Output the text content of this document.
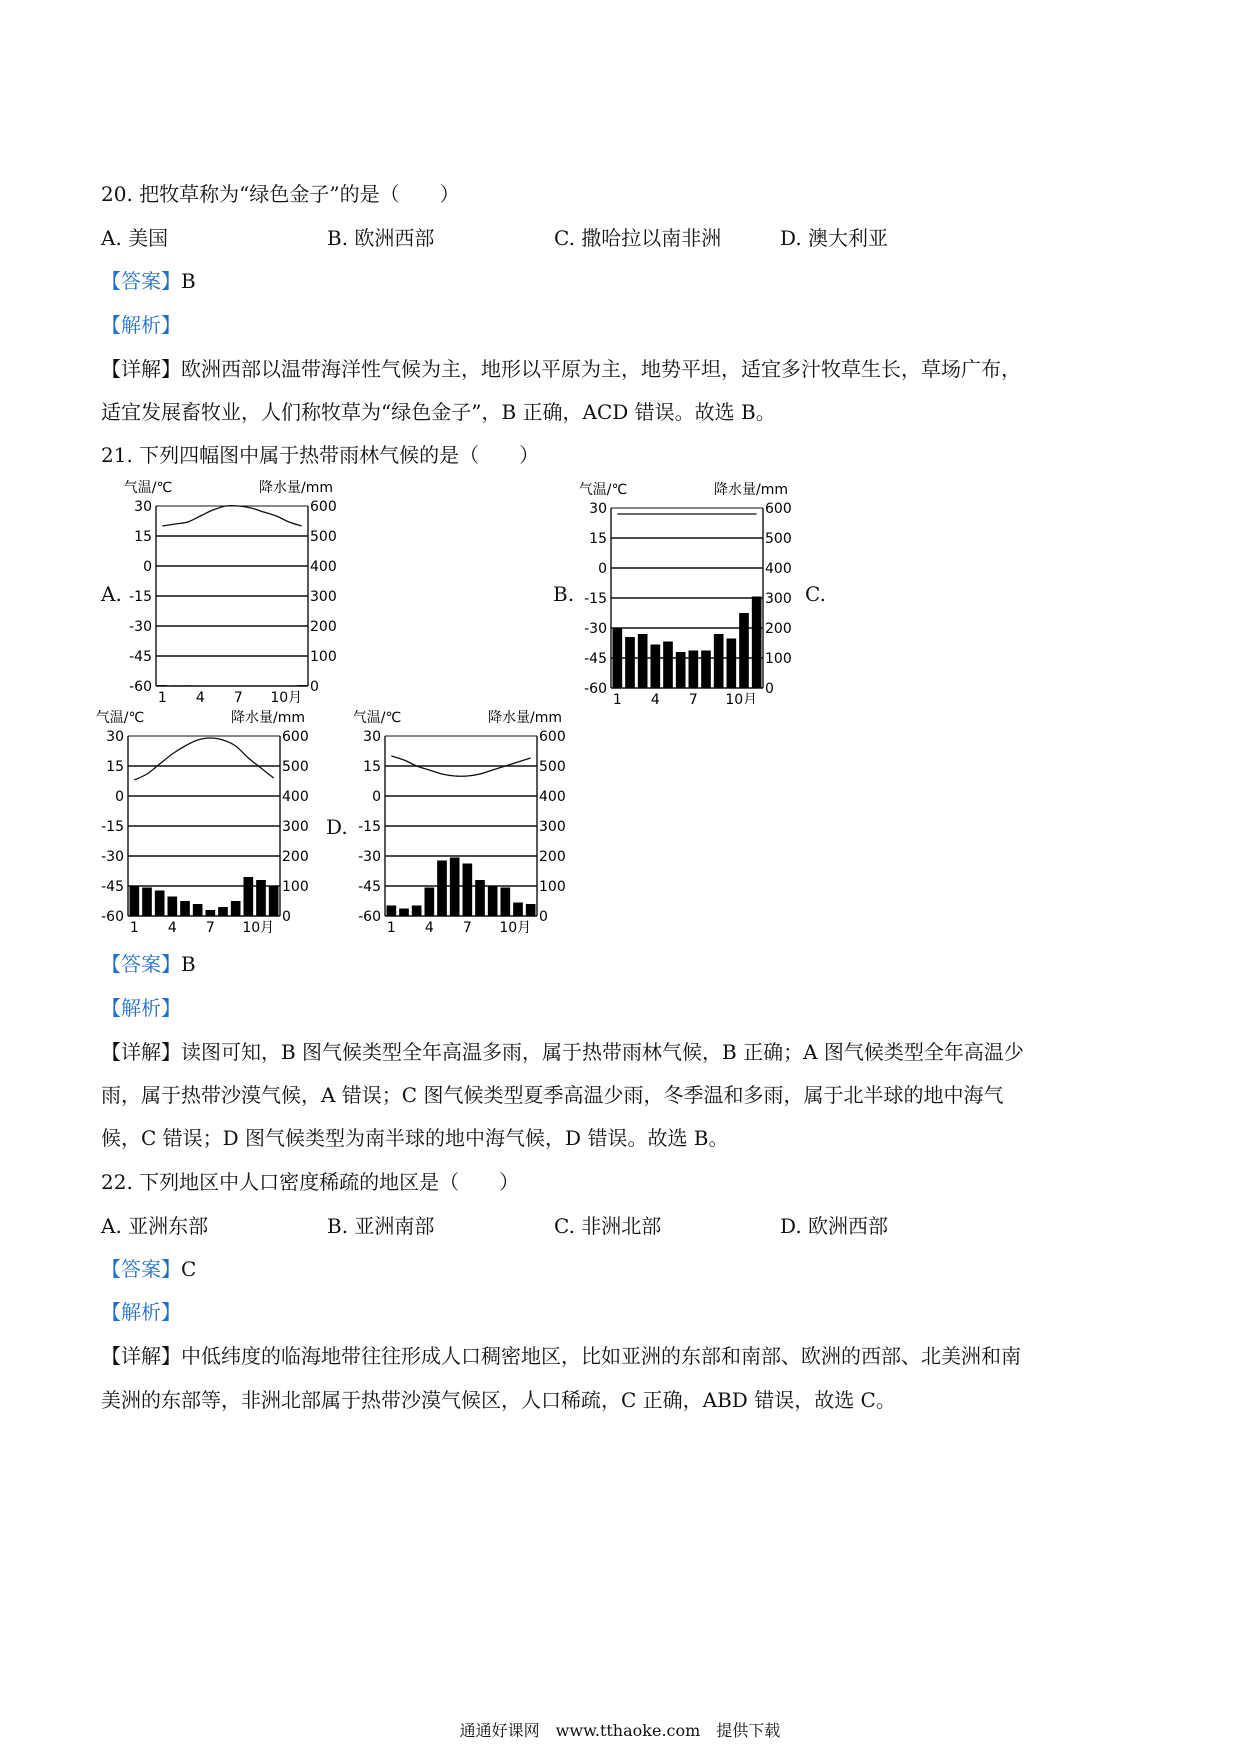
20. 把牧草称为“绿色金子”的是（　　）
A. 美国	B. 欧洲西部	C. 撒哈拉以南非洲	D. 澳大利亚
【答案】B
【解析】
【详解】欧洲西部以温带海洋性气候为主，地形以平原为主，地势平坦，适宜多汁牧草生长，草场广布，
适宜发展畜牧业，人们称牧草为“绿色金子”，B 正确，ACD 错误。故选 B。
21. 下列四幅图中属于热带雨林气候的是（　　）
A.
气温/℃	降水量/mm
30	600
15	500
0	400
-15	300
-30	200
-45	100
-60	0
1 4 7 10月
B.
气温/℃	降水量/mm
30	600
15	500
0	400
-15	300
-30	200
-45	100
-60	0
1 4 7 10月
C.
气温/℃	降水量/mm
30	600
15	500
0	400
-15	300
-30	200
-45	100
-60	0
1 4 7 10月
D.
气温/℃	降水量/mm
30	600
15	500
0	400
-15	300
-30	200
-45	100
-60	0
1 4 7 10月
【答案】B
【解析】
【详解】读图可知，B 图气候类型全年高温多雨，属于热带雨林气候，B 正确；A 图气候类型全年高温少
雨，属于热带沙漠气候，A 错误；C 图气候类型夏季高温少雨，冬季温和多雨，属于北半球的地中海气
候，C 错误；D 图气候类型为南半球的地中海气候，D 错误。故选 B。
22. 下列地区中人口密度稀疏的地区是（　　）
A. 亚洲东部	B. 亚洲南部	C. 非洲北部	D. 欧洲西部
【答案】C
【解析】
【详解】中低纬度的临海地带往往形成人口稠密地区，比如亚洲的东部和南部、欧洲的西部、北美洲和南
美洲的东部等，非洲北部属于热带沙漠气候区，人口稀疏，C 正确，ABD 错误，故选 C。
通通好课网　www.tthaoke.com　提供下载
